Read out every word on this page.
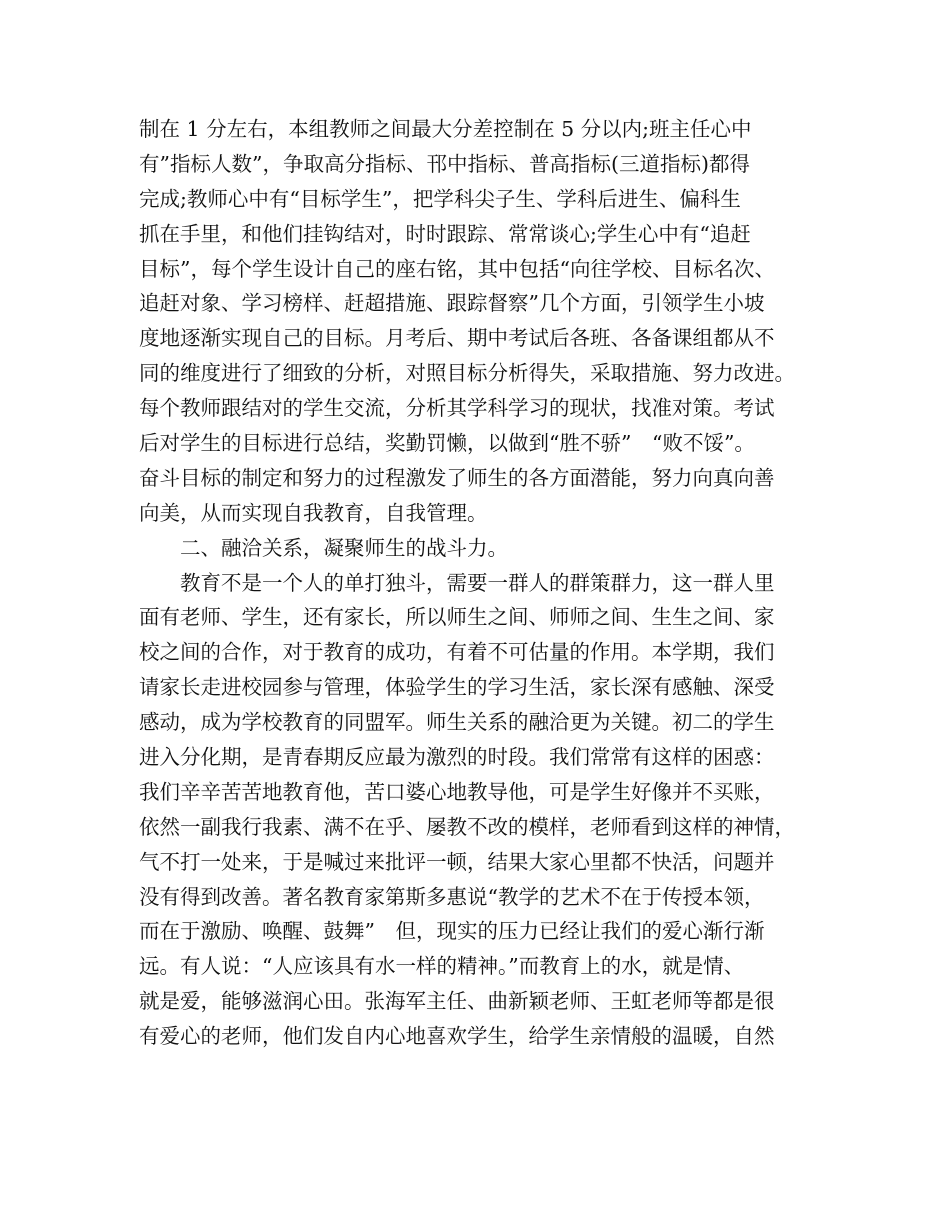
制在 1 分左右，本组教师之间最大分差控制在 5 分以内;班主任心中
有”指标人数”，争取高分指标、邗中指标、普高指标(三道指标)都得
完成;教师心中有“目标学生”，把学科尖子生、学科后进生、偏科生
抓在手里，和他们挂钩结对，时时跟踪、常常谈心;学生心中有“追赶
目标”，每个学生设计自己的座右铭，其中包括“向往学校、目标名次、
追赶对象、学习榜样、赶超措施、跟踪督察”几个方面，引领学生小坡
度地逐渐实现自己的目标。月考后、期中考试后各班、各备课组都从不
同的维度进行了细致的分析，对照目标分析得失，采取措施、努力改进。
每个教师跟结对的学生交流，分析其学科学习的现状，找准对策。考试
后对学生的目标进行总结，奖勤罚懒，以做到“胜不骄”　“败不馁”。
奋斗目标的制定和努力的过程激发了师生的各方面潜能，努力向真向善
向美，从而实现自我教育，自我管理。
二、融洽关系，凝聚师生的战斗力。
教育不是一个人的单打独斗，需要一群人的群策群力，这一群人里
面有老师、学生，还有家长，所以师生之间、师师之间、生生之间、家
校之间的合作，对于教育的成功，有着不可估量的作用。本学期，我们
请家长走进校园参与管理，体验学生的学习生活，家长深有感触、深受
感动，成为学校教育的同盟军。师生关系的融洽更为关键。初二的学生
进入分化期，是青春期反应最为激烈的时段。我们常常有这样的困惑：
我们辛辛苦苦地教育他，苦口婆心地教导他，可是学生好像并不买账，
依然一副我行我素、满不在乎、屡教不改的模样，老师看到这样的神情，
气不打一处来，于是喊过来批评一顿，结果大家心里都不快活，问题并
没有得到改善。著名教育家第斯多惠说“教学的艺术不在于传授本领，
而在于激励、唤醒、鼓舞”　但，现实的压力已经让我们的爱心渐行渐
远。有人说：“人应该具有水一样的精神。”而教育上的水，就是情、
就是爱，能够滋润心田。张海军主任、曲新颖老师、王虹老师等都是很
有爱心的老师，他们发自内心地喜欢学生，给学生亲情般的温暖，自然
